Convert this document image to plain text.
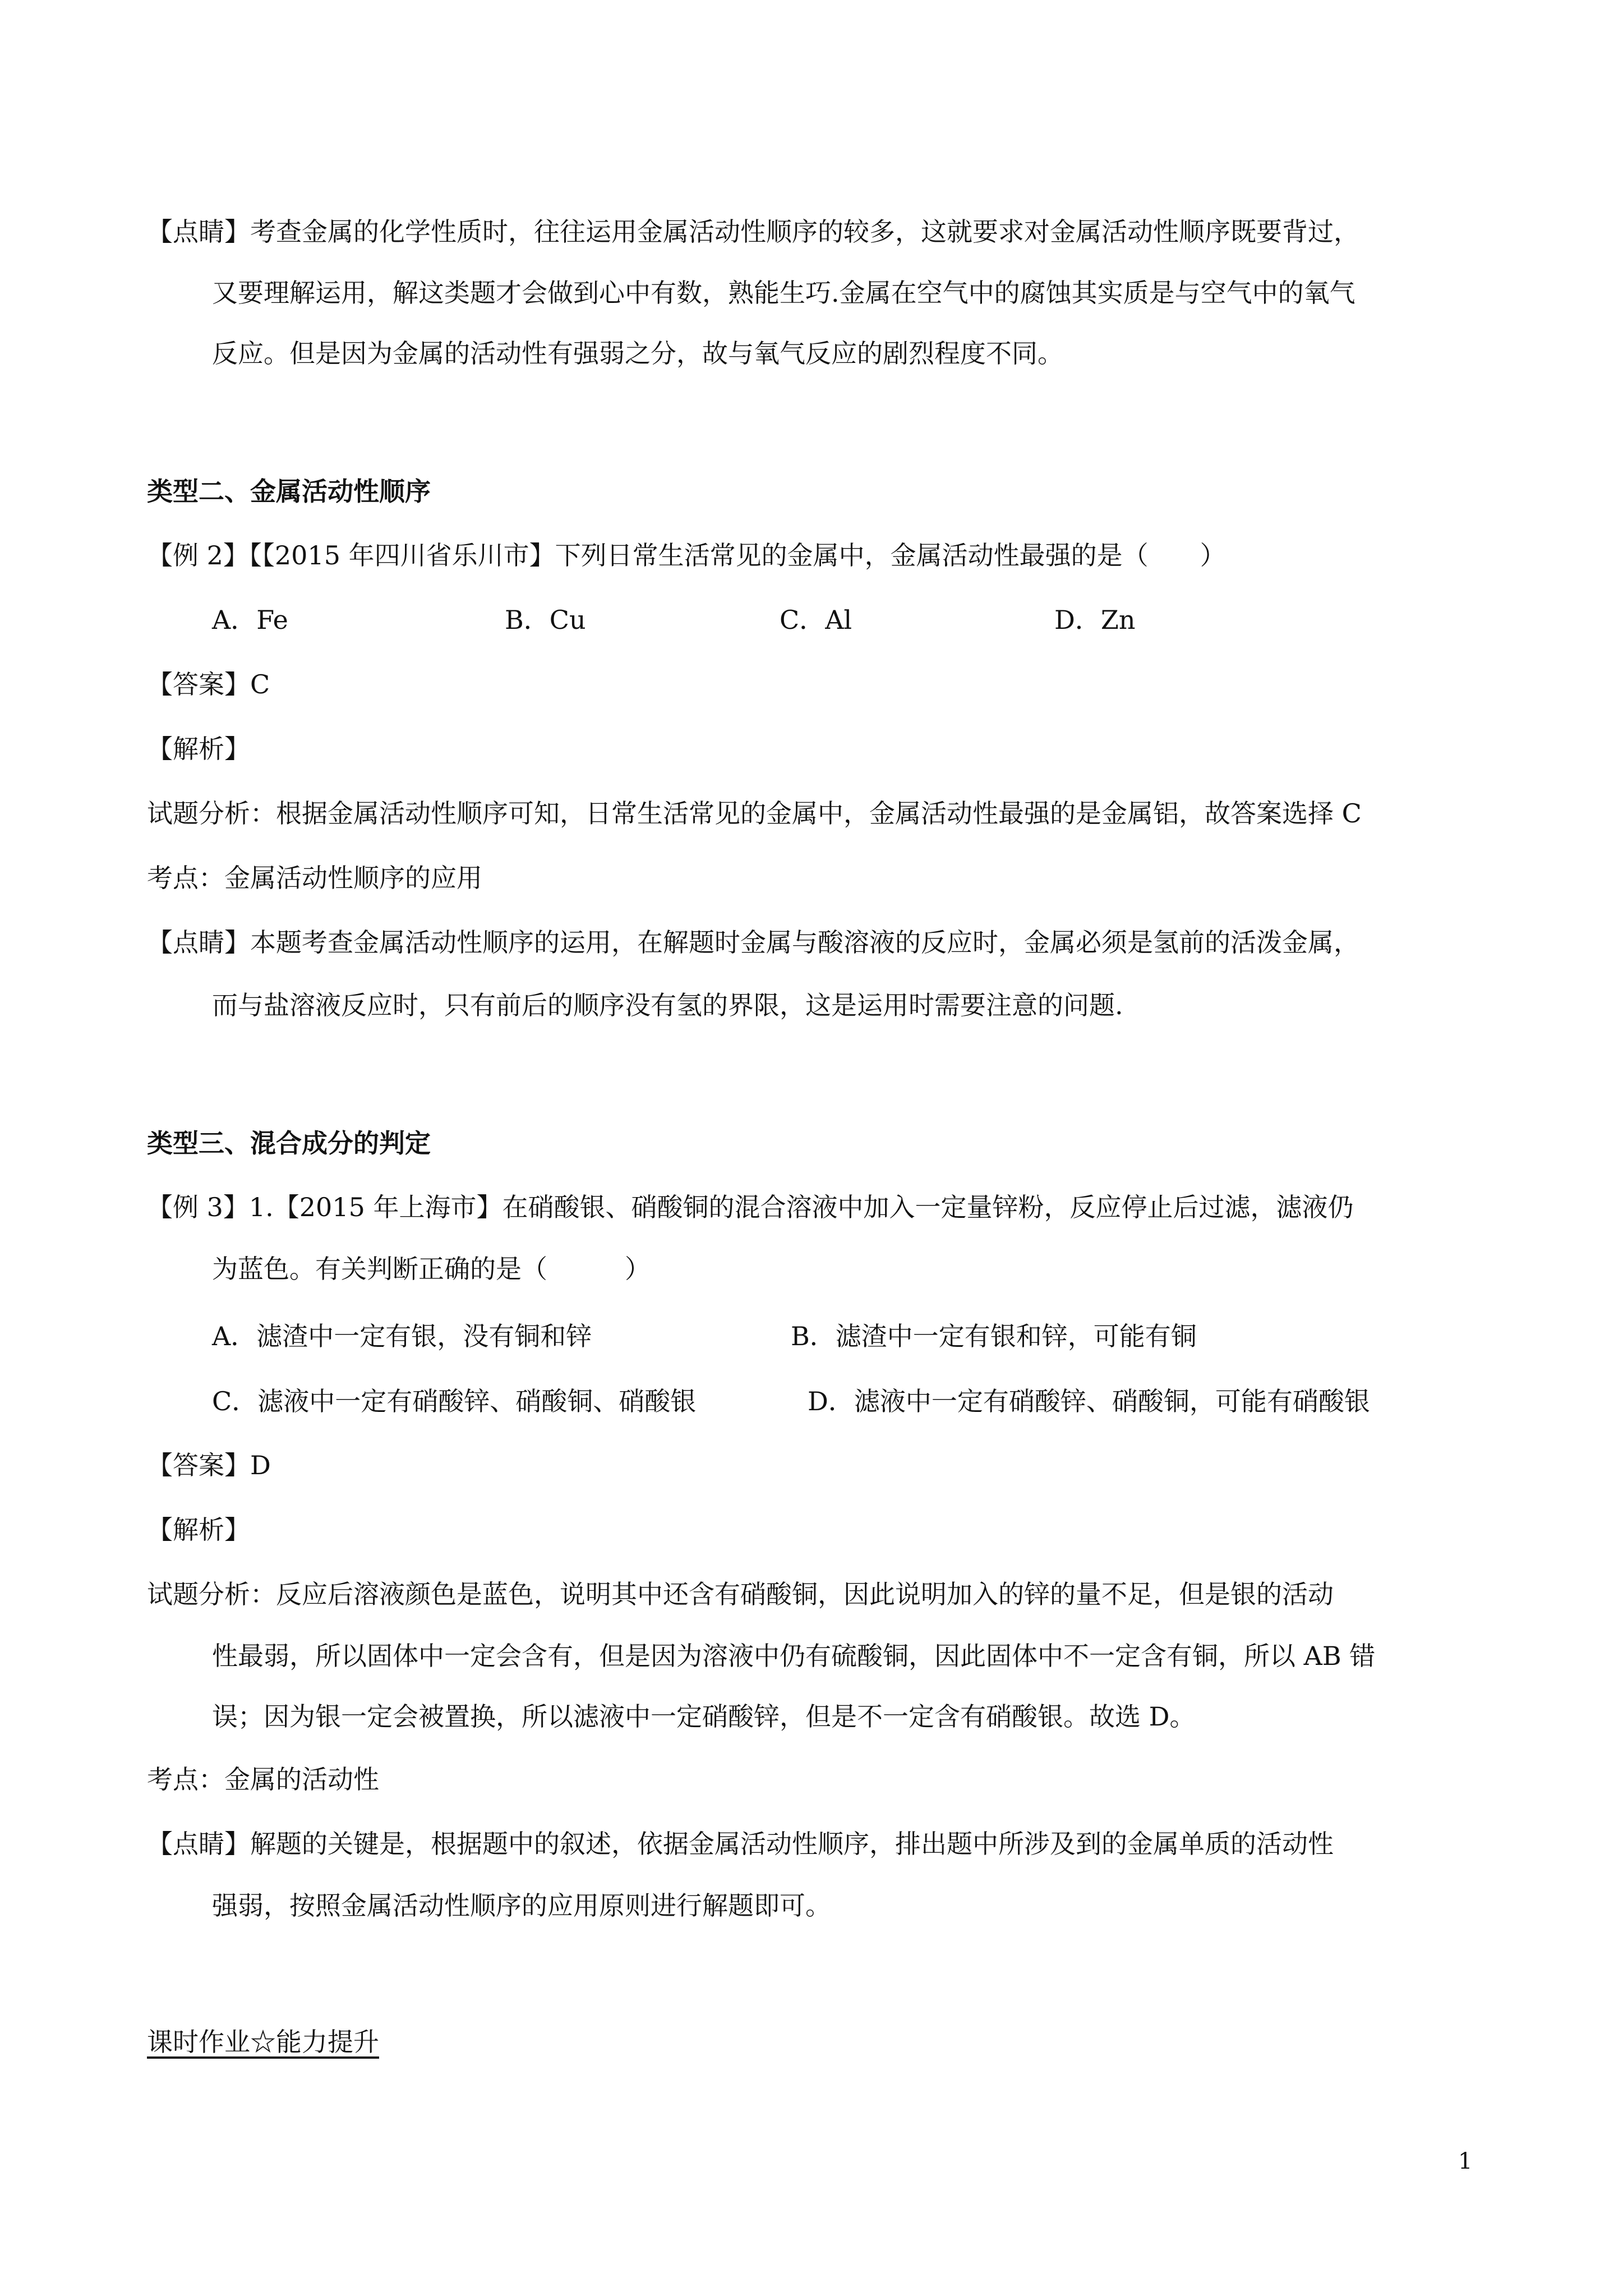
【点睛】考查金属的化学性质时，往往运用金属活动性顺序的较多，这就要求对金属活动性顺序既要背过，
又要理解运用，解这类题才会做到心中有数，熟能生巧.金属在空气中的腐蚀其实质是与空气中的氧气
反应。但是因为金属的活动性有强弱之分，故与氧气反应的剧烈程度不同。
类型二、金属活动性顺序
【例 2】【【2015 年四川省乐川市】下列日常生活常见的金属中，金属活动性最强的是（　　）
A．Fe	B．Cu	C．Al	D．Zn
【答案】C
【解析】
试题分析：根据金属活动性顺序可知，日常生活常见的金属中，金属活动性最强的是金属铝，故答案选择 C
考点：金属活动性顺序的应用
【点睛】本题考查金属活动性顺序的运用，在解题时金属与酸溶液的反应时，金属必须是氢前的活泼金属，
而与盐溶液反应时，只有前后的顺序没有氢的界限，这是运用时需要注意的问题.
类型三、混合成分的判定
【例 3】1.【2015 年上海市】在硝酸银、硝酸铜的混合溶液中加入一定量锌粉，反应停止后过滤，滤液仍
为蓝色。有关判断正确的是（　　　）
A．滤渣中一定有银，没有铜和锌	B．滤渣中一定有银和锌，可能有铜
C．滤液中一定有硝酸锌、硝酸铜、硝酸银	D．滤液中一定有硝酸锌、硝酸铜，可能有硝酸银
【答案】D
【解析】
试题分析：反应后溶液颜色是蓝色，说明其中还含有硝酸铜，因此说明加入的锌的量不足，但是银的活动
性最弱，所以固体中一定会含有，但是因为溶液中仍有硫酸铜，因此固体中不一定含有铜，所以 AB 错
误；因为银一定会被置换，所以滤液中一定硝酸锌，但是不一定含有硝酸银。故选 D。
考点：金属的活动性
【点睛】解题的关键是，根据题中的叙述，依据金属活动性顺序，排出题中所涉及到的金属单质的活动性
强弱，按照金属活动性顺序的应用原则进行解题即可。
课时作业☆能力提升
1
